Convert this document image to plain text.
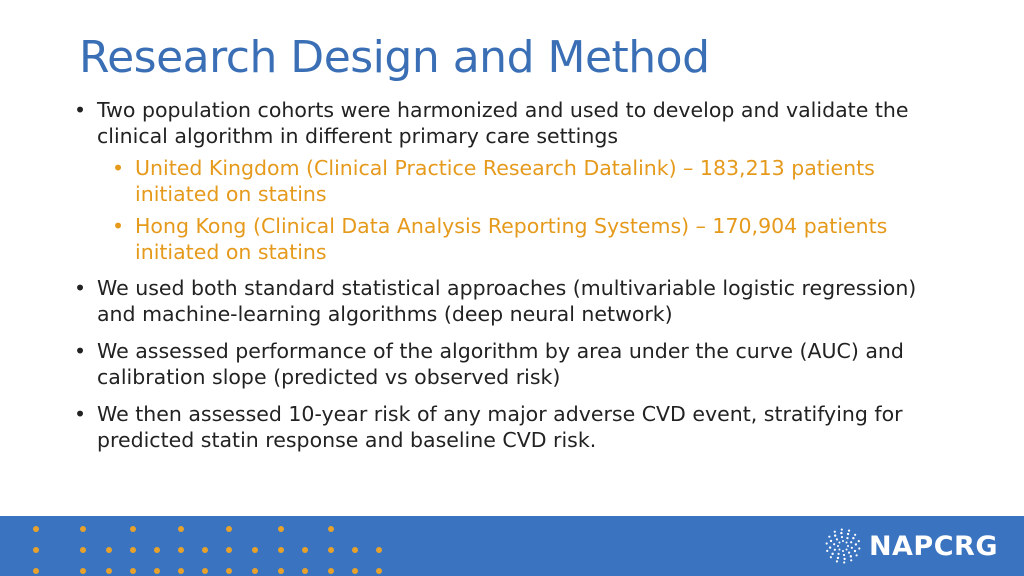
Research Design and Method
• Two population cohorts were harmonized and used to develop and validate the clinical algorithm in different primary care settings
• United Kingdom (Clinical Practice Research Datalink) – 183,213 patients initiated on statins
• Hong Kong (Clinical Data Analysis Reporting Systems) – 170,904 patients initiated on statins
• We used both standard statistical approaches (multivariable logistic regression) and machine-learning algorithms (deep neural network)
• We assessed performance of the algorithm by area under the curve (AUC) and calibration slope (predicted vs observed risk)
• We then assessed 10-year risk of any major adverse CVD event, stratifying for predicted statin response and baseline CVD risk.
NAPCRG
